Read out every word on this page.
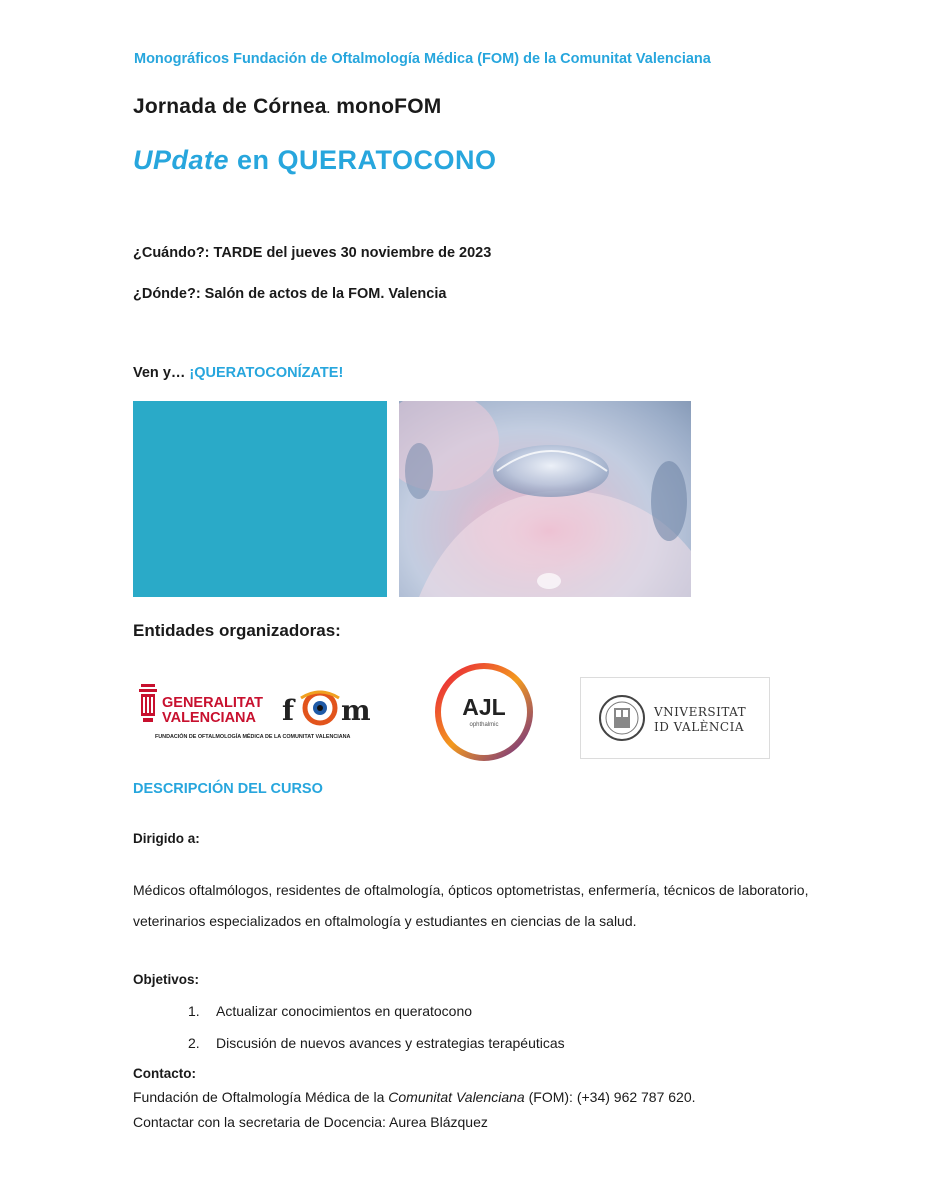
Monográficos Fundación de Oftalmología Médica (FOM) de la Comunitat Valenciana
Jornada de Córnea. monoFOM
UPdate en QUERATOCONO
¿Cuándo?: TARDE del jueves 30 noviembre de 2023
¿Dónde?: Salón de actos de la FOM. Valencia
Ven y… ¡QUERATOCONÍZATE!
Entidades organizadoras:
GENERALITAT
VALENCIANA f m
FUNDACIÓN DE OFTALMOLOGÍA MÉDICA DE LA COMUNITAT VALENCIANA
AJL
ophthalmic
VNIVERSITAT
ID VALÈNCIA
DESCRIPCIÓN DEL CURSO
Dirigido a:
Médicos oftalmólogos, residentes de oftalmología, ópticos optometristas, enfermería, técnicos de laboratorio, veterinarios especializados en oftalmología y estudiantes en ciencias de la salud.
Objetivos:
1. Actualizar conocimientos en queratocono
2. Discusión de nuevos avances y estrategias terapéuticas
Contacto:
Fundación de Oftalmología Médica de la Comunitat Valenciana (FOM): (+34) 962 787 620.
Contactar con la secretaria de Docencia: Aurea Blázquez
